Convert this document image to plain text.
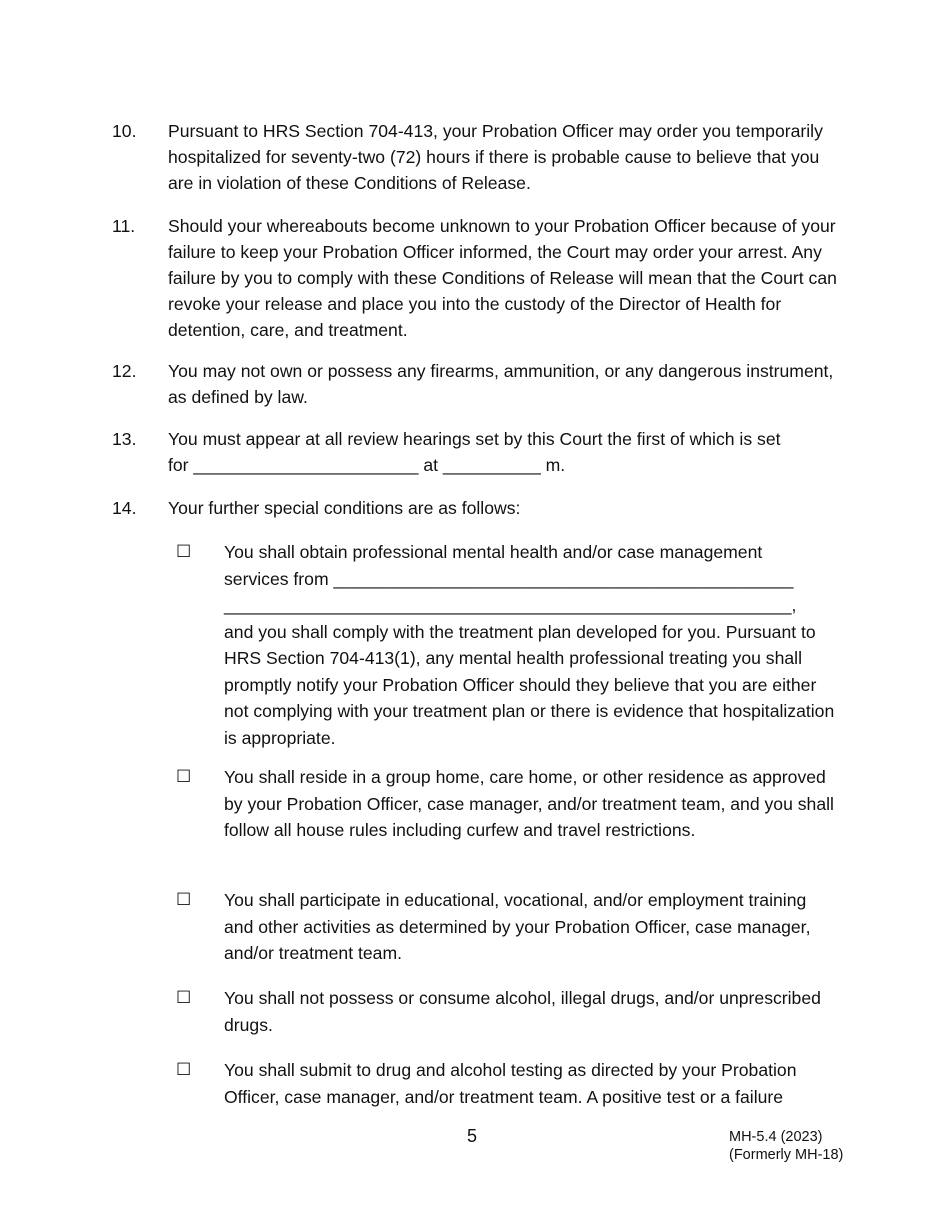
10. Pursuant to HRS Section 704-413, your Probation Officer may order you temporarily hospitalized for seventy-two (72) hours if there is probable cause to believe that you are in violation of these Conditions of Release.
11. Should your whereabouts become unknown to your Probation Officer because of your failure to keep your Probation Officer informed, the Court may order your arrest. Any failure by you to comply with these Conditions of Release will mean that the Court can revoke your release and place you into the custody of the Director of Health for detention, care, and treatment.
12. You may not own or possess any firearms, ammunition, or any dangerous instrument, as defined by law.
13. You must appear at all review hearings set by this Court the first of which is set
for _______________________ at __________ m.
14. Your further special conditions are as follows:
☐ You shall obtain professional mental health and/or case management
services from _______________________________________________
__________________________________________________________,
and you shall comply with the treatment plan developed for you. Pursuant to HRS Section 704-413(1), any mental health professional treating you shall promptly notify your Probation Officer should they believe that you are either not complying with your treatment plan or there is evidence that hospitalization is appropriate.
☐ You shall reside in a group home, care home, or other residence as approved by your Probation Officer, case manager, and/or treatment team, and you shall follow all house rules including curfew and travel restrictions.
☐ You shall participate in educational, vocational, and/or employment training and other activities as determined by your Probation Officer, case manager, and/or treatment team.
☐ You shall not possess or consume alcohol, illegal drugs, and/or unprescribed drugs.
☐ You shall submit to drug and alcohol testing as directed by your Probation Officer, case manager, and/or treatment team. A positive test or a failure
5	MH-5.4 (2023)
(Formerly MH-18)
